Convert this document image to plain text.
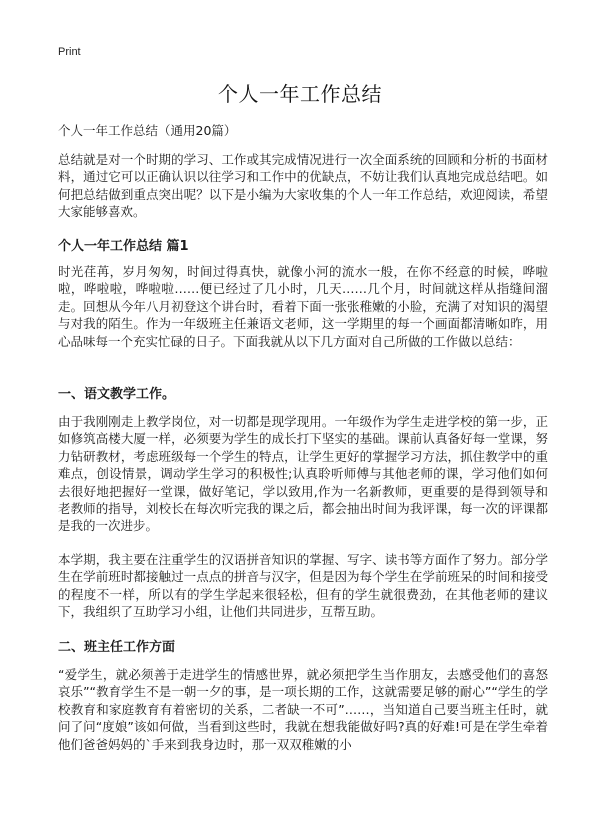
Print
个人一年工作总结
个人一年工作总结（通用20篇）

总结就是对一个时期的学习、工作或其完成情况进行一次全面系统的回顾和分析的书面材料，通过它可以正确认识以往学习和工作中的优缺点，不妨让我们认真地完成总结吧。如何把总结做到重点突出呢？以下是小编为大家收集的个人一年工作总结，欢迎阅读，希望大家能够喜欢。

个人一年工作总结 篇1

时光荏苒，岁月匆匆，时间过得真快，就像小河的流水一般，在你不经意的时候，哗啦啦，哗啦啦，哗啦啦……便已经过了几小时，几天……几个月，时间就这样从指缝间溜走。回想从今年八月初登这个讲台时，看着下面一张张稚嫩的小脸，充满了对知识的渴望与对我的陌生。作为一年级班主任兼语文老师，这一学期里的每一个画面都清晰如昨，用心品味每一个充实忙碌的日子。下面我就从以下几方面对自己所做的工作做以总结：

一、语文教学工作。

由于我刚刚走上教学岗位，对一切都是现学现用。一年级作为学生走进学校的第一步，正如修筑高楼大厦一样，必须要为学生的成长打下坚实的基础。课前认真备好每一堂课，努力钻研教材，考虑班级每一个学生的特点，让学生更好的掌握学习方法，抓住教学中的重难点，创设情景，调动学生学习的积极性;认真聆听师傅与其他老师的课，学习他们如何去很好地把握好一堂课，做好笔记，学以致用,作为一名新教师，更重要的是得到领导和老教师的指导，刘校长在每次听完我的课之后，都会抽出时间为我评课，每一次的评课都是我的一次进步。

本学期，我主要在注重学生的汉语拼音知识的掌握、写字、读书等方面作了努力。部分学生在学前班时都接触过一点点的拼音与汉字，但是因为每个学生在学前班呆的时间和接受的程度不一样，所以有的学生学起来很轻松，但有的学生就很费劲，在其他老师的建议下，我组织了互助学习小组，让他们共同进步，互帮互助。

二、班主任工作方面

“爱学生，就必须善于走进学生的情感世界，就必须把学生当作朋友，去感受他们的喜怒哀乐”“教育学生不是一朝一夕的事，是一项长期的工作，这就需要足够的耐心”“学生的学校教育和家庭教育有着密切的关系，二者缺一不可”……，当知道自己要当班主任时，就问了问“度娘”该如何做，当看到这些时，我就在想我能做好吗?真的好难!可是在学生牵着他们爸爸妈妈的`手来到我身边时，那一双双稚嫩的小
